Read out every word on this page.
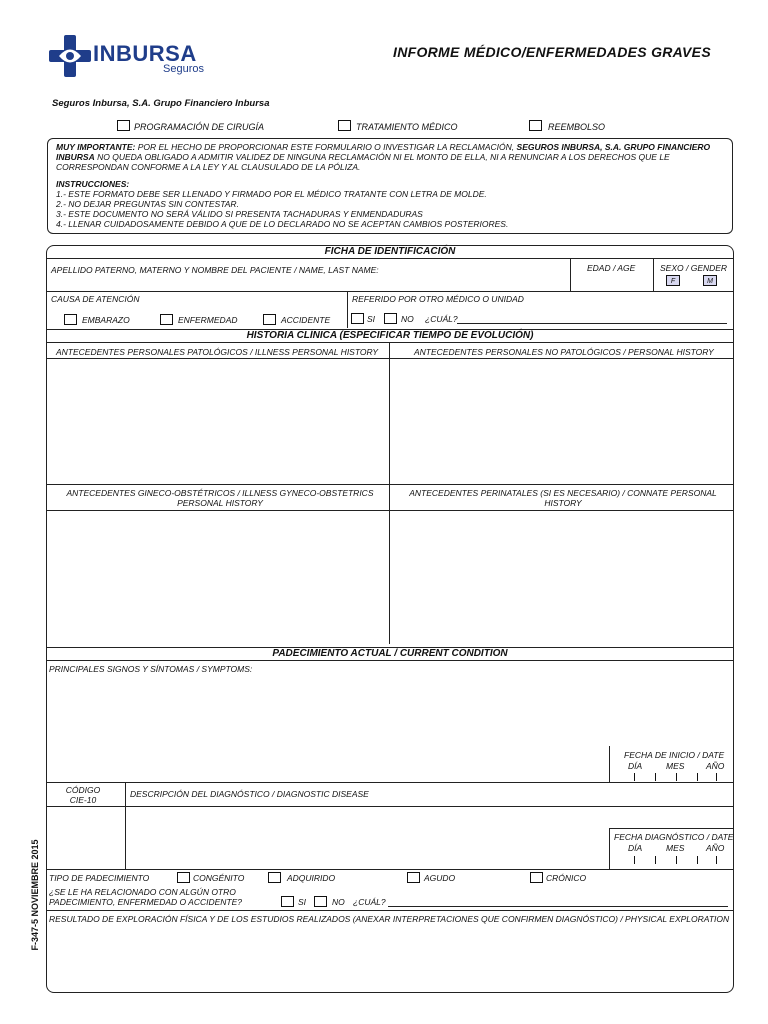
INBURSA
Seguros
INFORME MÉDICO/ENFERMEDADES GRAVES
Seguros Inbursa, S.A. Grupo Financiero Inbursa
PROGRAMACIÓN DE CIRUGÍA	TRATAMIENTO MÉDICO	REEMBOLSO
MUY IMPORTANTE: POR EL HECHO DE PROPORCIONAR ESTE FORMULARIO O INVESTIGAR LA RECLAMACIÓN, SEGUROS INBURSA, S.A. GRUPO FINANCIERO
INBURSA NO QUEDA OBLIGADO A ADMITIR VALIDEZ DE NINGUNA RECLAMACIÓN NI EL MONTO DE ELLA, NI A RENUNCIAR A LOS DERECHOS QUE LE
CORRESPONDAN CONFORME A LA LEY Y AL CLAUSULADO DE LA PÓLIZA.
INSTRUCCIONES:
1.- ESTE FORMATO DEBE SER LLENADO Y FIRMADO POR EL MÉDICO TRATANTE CON LETRA DE MOLDE.
2.- NO DEJAR PREGUNTAS SIN CONTESTAR.
3.- ESTE DOCUMENTO NO SERÁ VÁLIDO SI PRESENTA TACHADURAS Y ENMENDADURAS
4.- LLENAR CUIDADOSAMENTE DEBIDO A QUE DE LO DECLARADO NO SE ACEPTAN CAMBIOS POSTERIORES.
FICHA DE IDENTIFICACIÓN
APELLIDO PATERNO, MATERNO Y NOMBRE DEL PACIENTE / NAME, LAST NAME:	EDAD / AGE	SEXO / GENDER
F	M
CAUSA DE ATENCIÓN
EMBARAZO	ENFERMEDAD	ACCIDENTE
REFERIDO POR OTRO MÉDICO O UNIDAD
SI	NO ¿CUÁL?
HISTORIA CLÍNICA (ESPECIFICAR TIEMPO DE EVOLUCIÓN)
ANTECEDENTES PERSONALES PATOLÓGICOS / ILLNESS PERSONAL HISTORY	ANTECEDENTES PERSONALES NO PATOLÓGICOS / PERSONAL HISTORY
ANTECEDENTES GINECO-OBSTÉTRICOS / ILLNESS GYNECO-OBSTETRICS PERSONAL HISTORY
ANTECEDENTES PERINATALES (SI ES NECESARIO) / CONNATE PERSONAL HISTORY
PADECIMIENTO ACTUAL / CURRENT CONDITION
PRINCIPALES SIGNOS Y SÍNTOMAS / SYMPTOMS:
FECHA DE INICIO / DATE
DÍA	MES	AÑO
CÓDIGO CIE-10
DESCRIPCIÓN DEL DIAGNÓSTICO / DIAGNOSTIC DISEASE
FECHA DIAGNÓSTICO / DATE
DÍA	MES	AÑO
TIPO DE PADECIMIENTO	CONGÉNITO	ADQUIRIDO	AGUDO	CRÓNICO
¿SE LE HA RELACIONADO CON ALGÚN OTRO PADECIMIENTO, ENFERMEDAD O ACCIDENTE?	SI	NO ¿CUÁL?
RESULTADO DE EXPLORACIÓN FÍSICA Y DE LOS ESTUDIOS REALIZADOS (ANEXAR INTERPRETACIONES QUE CONFIRMEN DIAGNÓSTICO) / PHYSICAL EXPLORATION
F-347-5 NOVIEMBRE 2015
